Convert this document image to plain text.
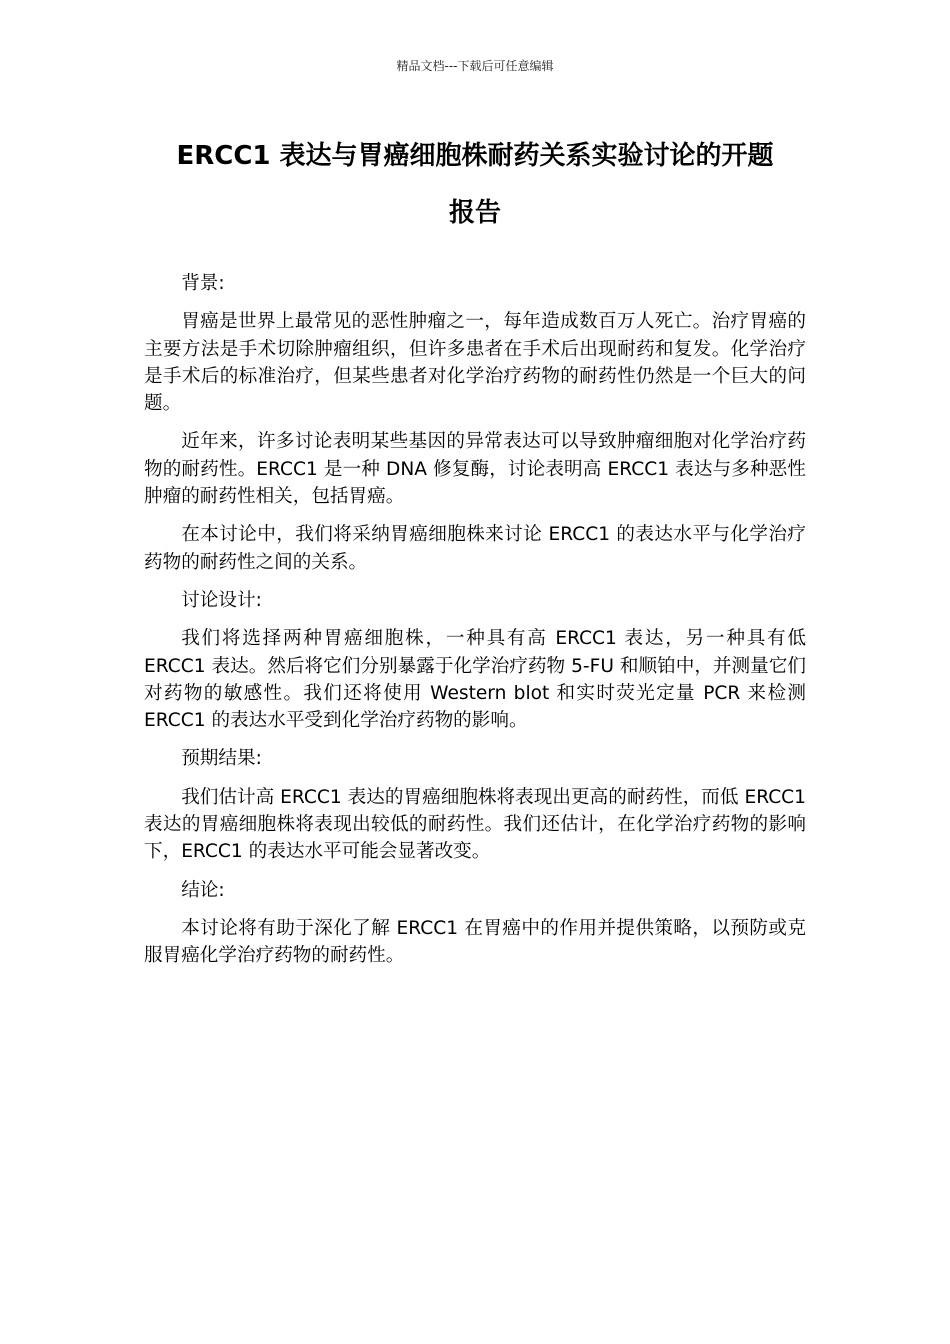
精品文档---下载后可任意编辑
ERCC1 表达与胃癌细胞株耐药关系实验讨论的开题
报告

背景:

胃癌是世界上最常见的恶性肿瘤之一，每年造成数百万人死亡。治疗胃癌的主要方法是手术切除肿瘤组织，但许多患者在手术后出现耐药和复发。化学治疗是手术后的标准治疗，但某些患者对化学治疗药物的耐药性仍然是一个巨大的问题。

近年来，许多讨论表明某些基因的异常表达可以导致肿瘤细胞对化学治疗药物的耐药性。ERCC1 是一种 DNA 修复酶，讨论表明高 ERCC1 表达与多种恶性肿瘤的耐药性相关，包括胃癌。

在本讨论中，我们将采纳胃癌细胞株来讨论 ERCC1 的表达水平与化学治疗药物的耐药性之间的关系。

讨论设计:

我们将选择两种胃癌细胞株，一种具有高 ERCC1 表达，另一种具有低 ERCC1 表达。然后将它们分别暴露于化学治疗药物 5-FU 和顺铂中，并测量它们对药物的敏感性。我们还将使用 Western blot 和实时荧光定量 PCR 来检测 ERCC1 的表达水平受到化学治疗药物的影响。

预期结果:

我们估计高 ERCC1 表达的胃癌细胞株将表现出更高的耐药性，而低 ERCC1 表达的胃癌细胞株将表现出较低的耐药性。我们还估计，在化学治疗药物的影响下，ERCC1 的表达水平可能会显著改变。

结论:

本讨论将有助于深化了解 ERCC1 在胃癌中的作用并提供策略，以预防或克服胃癌化学治疗药物的耐药性。
